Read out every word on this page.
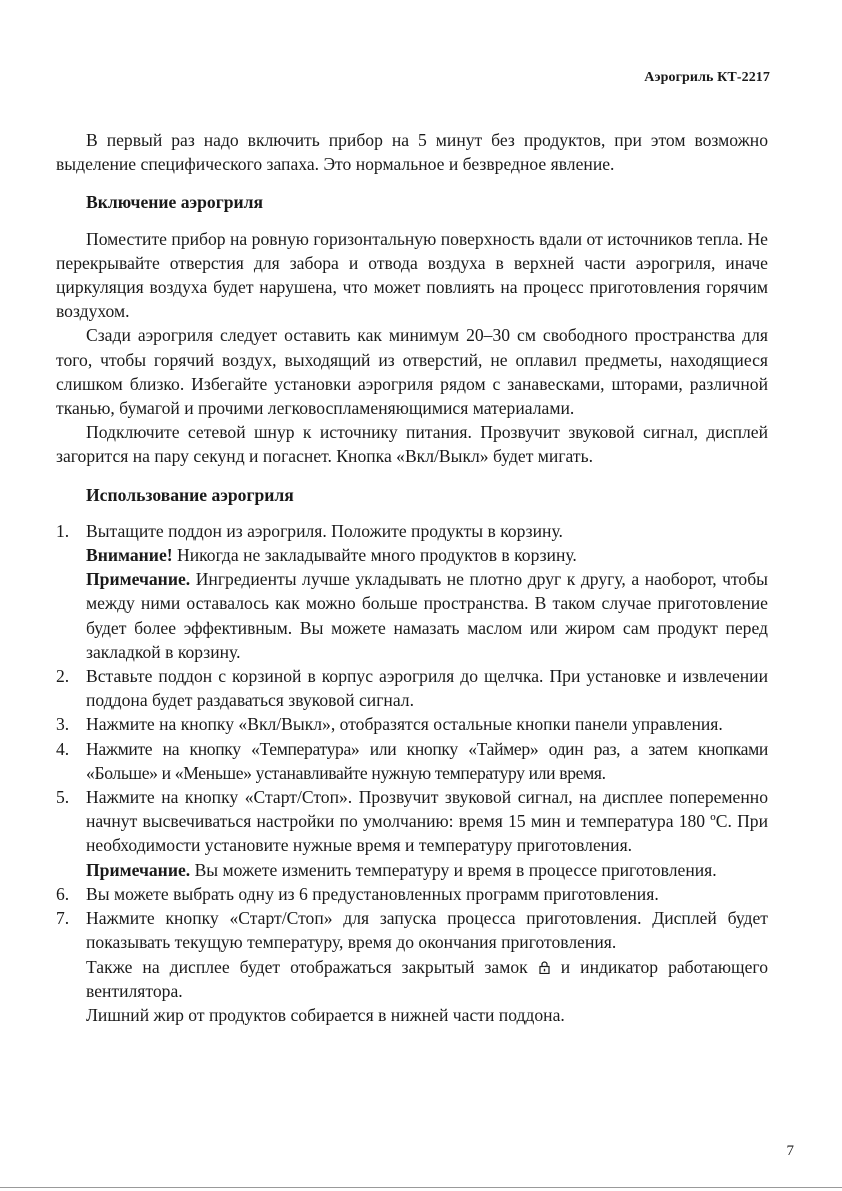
Аэрогриль КТ-2217

В первый раз надо включить прибор на 5 минут без продуктов, при этом возможно выделение специфического запаха. Это нормальное и безвредное явление.

Включение аэрогриля

Поместите прибор на ровную горизонтальную поверхность вдали от источников тепла. Не перекрывайте отверстия для забора и отвода воздуха в верхней части аэрогриля, иначе циркуляция воздуха будет нарушена, что может повлиять на процесс приготовления горячим воздухом.

Сзади аэрогриля следует оставить как минимум 20–30 см свободного пространства для того, чтобы горячий воздух, выходящий из отверстий, не оплавил предметы, находящиеся слишком близко. Избегайте установки аэрогриля рядом с занавесками, шторами, различной тканью, бумагой и прочими легковоспламеняющимися материалами.

Подключите сетевой шнур к источнику питания. Прозвучит звуковой сигнал, дисплей загорится на пару секунд и погаснет. Кнопка «Вкл/Выкл» будет мигать.

Использование аэрогриля
1. Вытащите поддон из аэрогриля. Положите продукты в корзину.
Внимание! Никогда не закладывайте много продуктов в корзину.
Примечание. Ингредиенты лучше укладывать не плотно друг к другу, а наоборот, чтобы между ними оставалось как можно больше пространства. В таком случае приготовление будет более эффективным. Вы можете намазать маслом или жиром сам продукт перед закладкой в корзину.
2. Вставьте поддон с корзиной в корпус аэрогриля до щелчка. При установке и извлечении поддона будет раздаваться звуковой сигнал.
3. Нажмите на кнопку «Вкл/Выкл», отобразятся остальные кнопки панели управления.
4. Нажмите на кнопку «Температура» или кнопку «Таймер» один раз, а затем кнопками «Больше» и «Меньше» устанавливайте нужную температуру или время.
5. Нажмите на кнопку «Старт/Стоп». Прозвучит звуковой сигнал, на дисплее попеременно начнут высвечиваться настройки по умолчанию: время 15 мин и температура 180 ºС. При необходимости установите нужные время и температуру приготовления.
Примечание. Вы можете изменить температуру и время в процессе приготовления.
6. Вы можете выбрать одну из 6 предустановленных программ приготовления.
7. Нажмите кнопку «Старт/Стоп» для запуска процесса приготовления. Дисплей будет показывать текущую температуру, время до окончания приготовления.
Также на дисплее будет отображаться закрытый замок  и индикатор работающего вентилятора.
Лишний жир от продуктов собирается в нижней части поддона.
7
